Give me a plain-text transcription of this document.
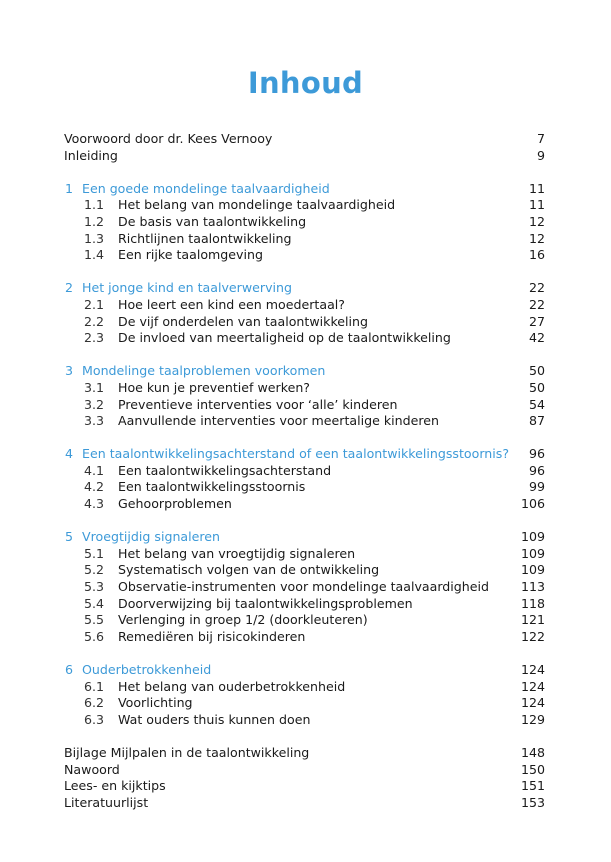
Inhoud
Voorwoord door dr. Kees Vernooy	7
Inleiding	9
1 Een goede mondelinge taalvaardigheid	11
1.1 Het belang van mondelinge taalvaardigheid	11
1.2 De basis van taalontwikkeling	12
1.3 Richtlijnen taalontwikkeling	12
1.4 Een rijke taalomgeving	16
2 Het jonge kind en taalverwerving	22
2.1 Hoe leert een kind een moedertaal?	22
2.2 De vijf onderdelen van taalontwikkeling	27
2.3 De invloed van meertaligheid op de taalontwikkeling	42
3 Mondelinge taalproblemen voorkomen	50
3.1 Hoe kun je preventief werken?	50
3.2 Preventieve interventies voor ‘alle’ kinderen	54
3.3 Aanvullende interventies voor meertalige kinderen	87
4 Een taalontwikkelingsachterstand of een taalontwikkelingsstoornis? 96
4.1 Een taalontwikkelingsachterstand	96
4.2 Een taalontwikkelingsstoornis	99
4.3 Gehoorproblemen	106
5 Vroegtijdig signaleren	109
5.1 Het belang van vroegtijdig signaleren	109
5.2 Systematisch volgen van de ontwikkeling	109
5.3 Observatie-instrumenten voor mondelinge taalvaardigheid	113
5.4 Doorverwijzing bij taalontwikkelingsproblemen	118
5.5 Verlenging in groep 1/2 (doorkleuteren)	121
5.6 Remediëren bij risicokinderen	122
6 Ouderbetrokkenheid	124
6.1 Het belang van ouderbetrokkenheid	124
6.2 Voorlichting	124
6.3 Wat ouders thuis kunnen doen	129
Bijlage Mijlpalen in de taalontwikkeling	148
Nawoord	150
Lees- en kijktips	151
Literatuurlijst	153
